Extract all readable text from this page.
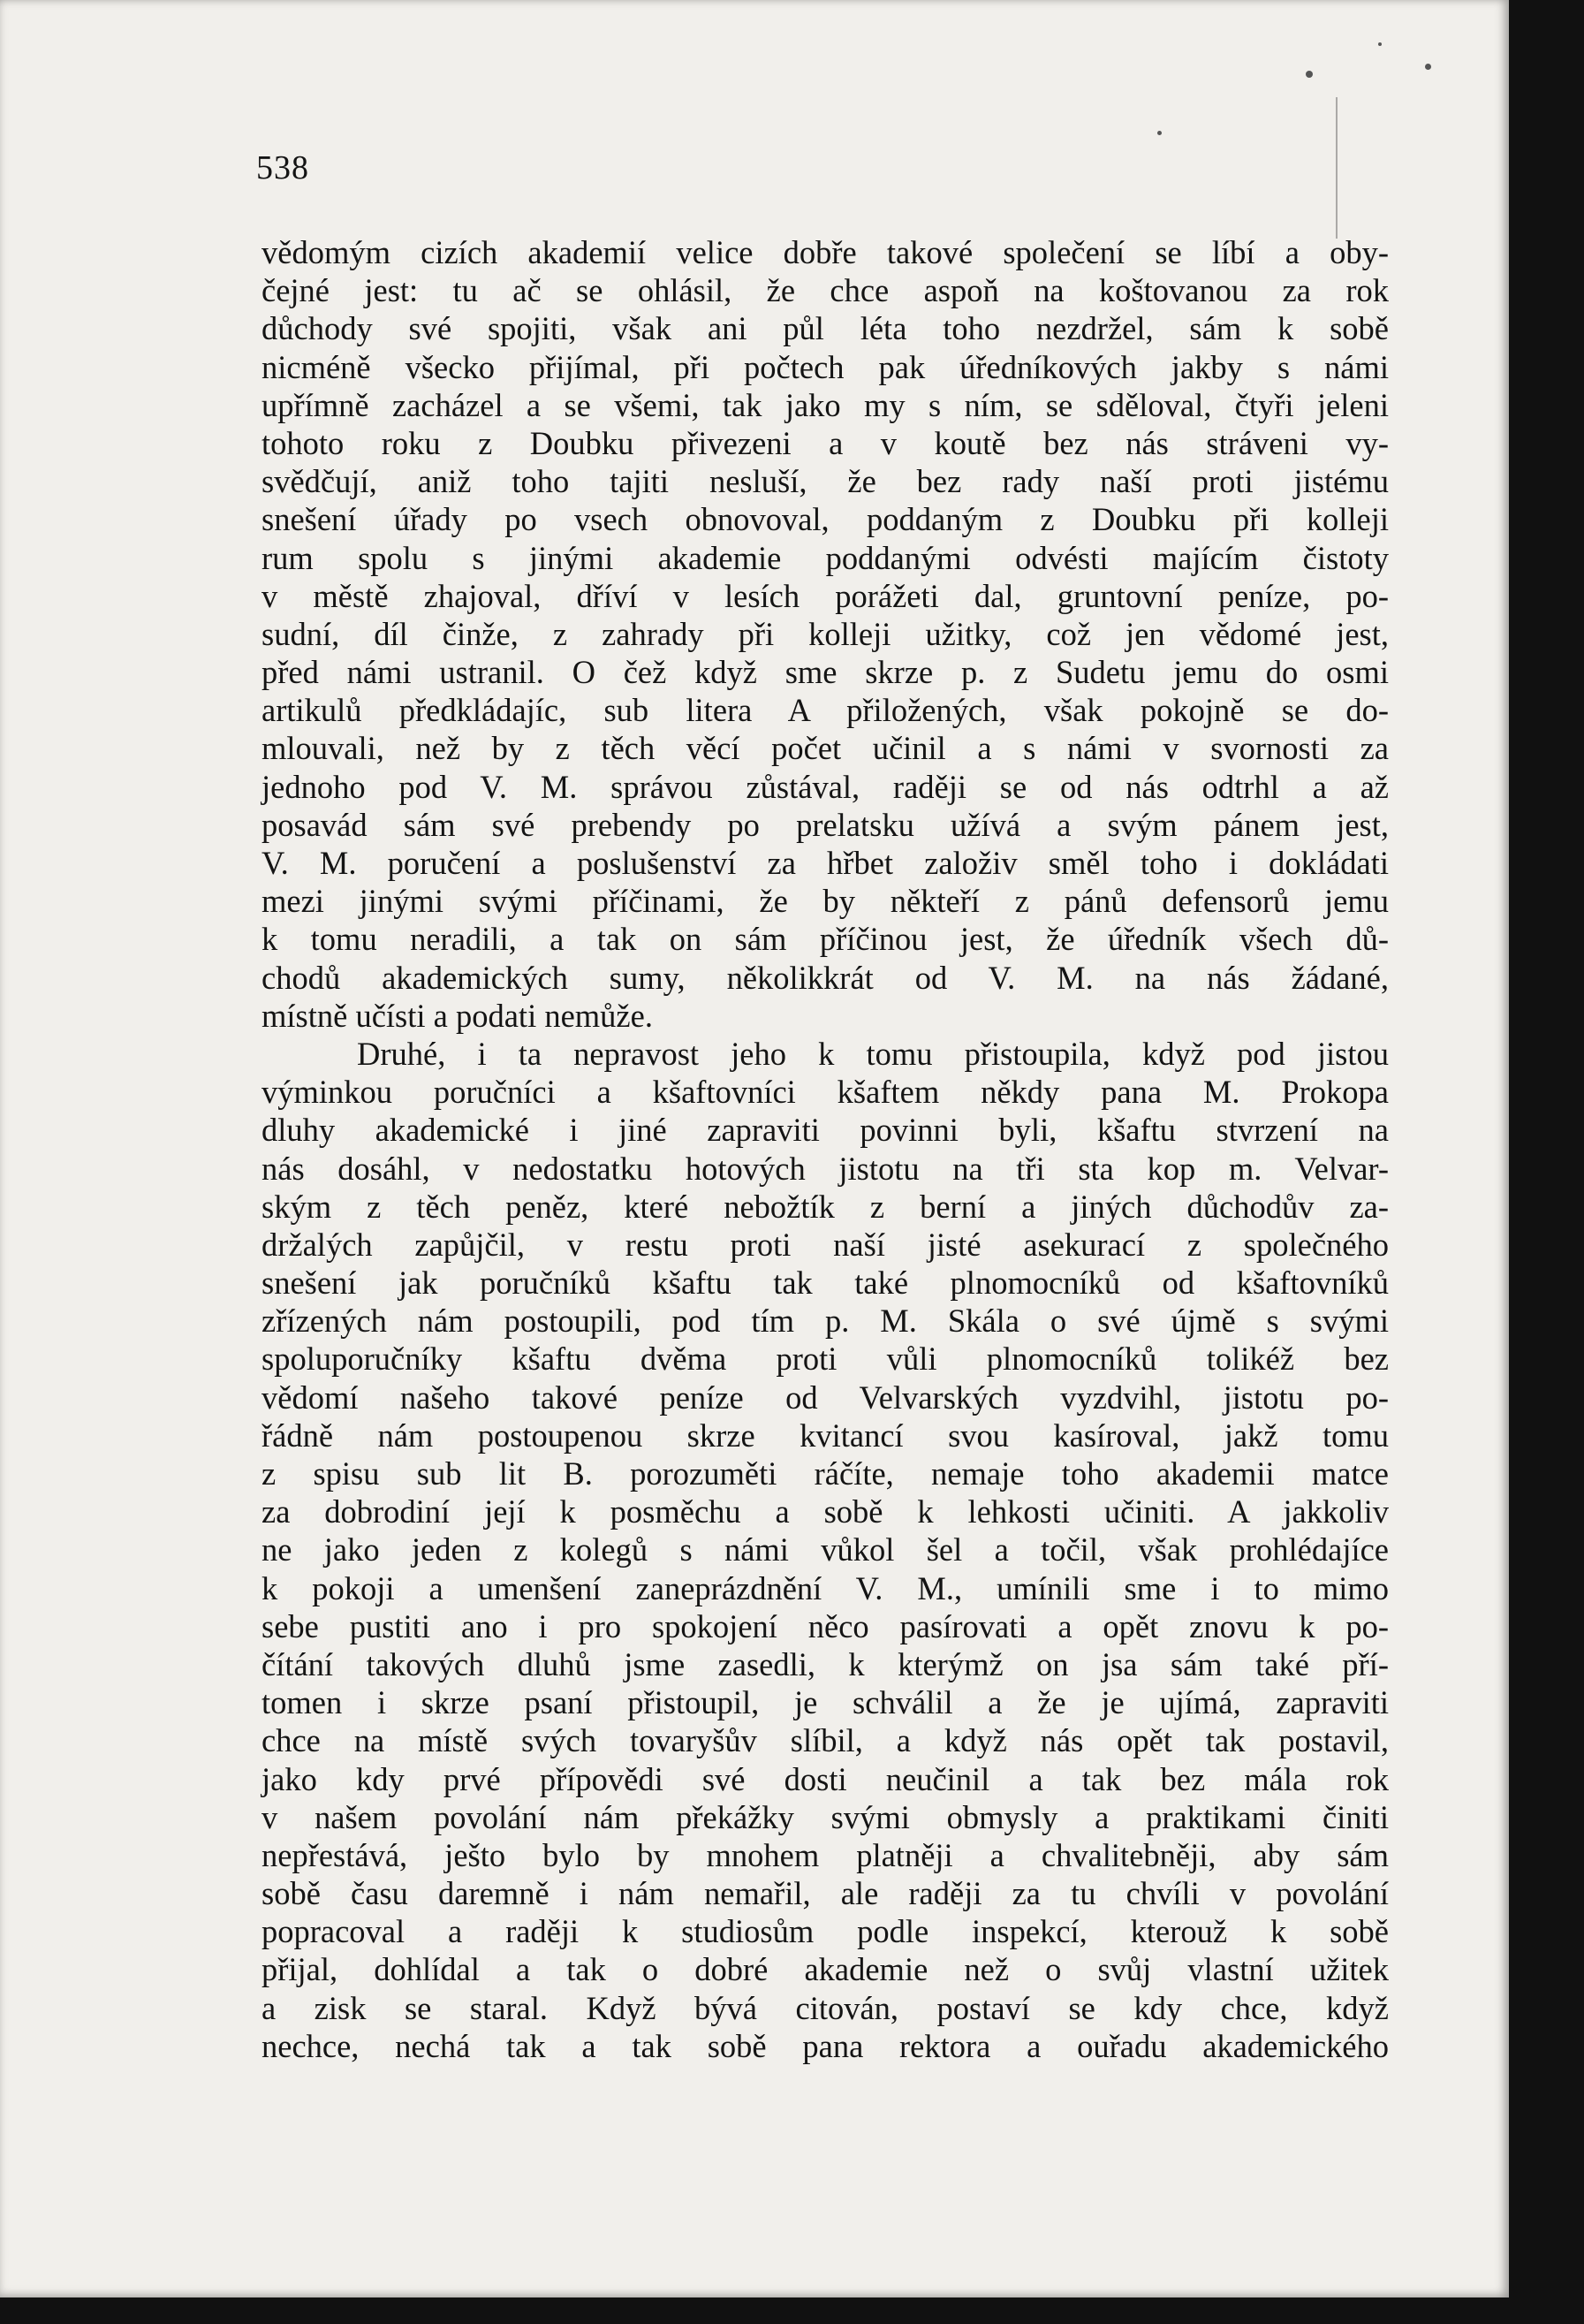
538
vědomým cizích akademií velice dobře takové společení se líbí a oby-
čejné jest: tu ač se ohlásil, že chce aspoň na koštovanou za rok
důchody své spojiti, však ani půl léta toho nezdržel, sám k sobě
nicméně všecko přijímal, při počtech pak úředníkových jakby s námi
upřímně zacházel a se všemi, tak jako my s ním, se sděloval, čtyři jeleni
tohoto roku z Doubku přivezeni a v koutě bez nás stráveni vy-
svědčují, aniž toho tajiti nesluší, že bez rady naší proti jistému
snešení úřady po vsech obnovoval, poddaným z Doubku při kolleji
rum spolu s jinými akademie poddanými odvésti majícím čistoty
v městě zhajoval, dříví v lesích porážeti dal, gruntovní peníze, po-
sudní, díl činže, z zahrady při kolleji užitky, což jen vědomé jest,
před námi ustranil. O čež když sme skrze p. z Sudetu jemu do osmi
artikulů předkládajíc, sub litera A přiložených, však pokojně se do-
mlouvali, než by z těch věcí počet učinil a s námi v svornosti za
jednoho pod V. M. správou zůstával, raději se od nás odtrhl a až
posavád sám své prebendy po prelatsku užívá a svým pánem jest,
V. M. poručení a poslušenství za hřbet založiv směl toho i dokládati
mezi jinými svými příčinami, že by někteří z pánů defensorů jemu
k tomu neradili, a tak on sám příčinou jest, že úředník všech dů-
chodů akademických sumy, několikkrát od V. M. na nás žádané,
místně učísti a podati nemůže.
Druhé, i ta nepravost jeho k tomu přistoupila, když pod jistou
výminkou poručníci a kšaftovníci kšaftem někdy pana M. Prokopa
dluhy akademické i jiné zapraviti povinni byli, kšaftu stvrzení na
nás dosáhl, v nedostatku hotových jistotu na tři sta kop m. Velvar-
ským z těch peněz, které nebožtík z berní a jiných důchodův za-
držalých zapůjčil, v restu proti naší jisté asekurací z společného
snešení jak poručníků kšaftu tak také plnomocníků od kšaftovníků
zřízených nám postoupili, pod tím p. M. Skála o své újmě s svými
spoluporučníky kšaftu dvěma proti vůli plnomocníků tolikéž bez
vědomí našeho takové peníze od Velvarských vyzdvihl, jistotu po-
řádně nám postoupenou skrze kvitancí svou kasíroval, jakž tomu
z spisu sub lit B. porozuměti ráčíte, nemaje toho akademii matce
za dobrodiní její k posměchu a sobě k lehkosti učiniti. A jakkoliv
ne jako jeden z kolegů s námi vůkol šel a točil, však prohlédajíce
k pokoji a umenšení zaneprázdnění V. M., umínili sme i to mimo
sebe pustiti ano i pro spokojení něco pasírovati a opět znovu k po-
čítání takových dluhů jsme zasedli, k kterýmž on jsa sám také pří-
tomen i skrze psaní přistoupil, je schválil a že je ujímá, zapraviti
chce na místě svých tovaryšův slíbil, a když nás opět tak postavil,
jako kdy prvé přípovědi své dosti neučinil a tak bez mála rok
v našem povolání nám překážky svými obmysly a praktikami činiti
nepřestává, ješto bylo by mnohem platněji a chvalitebněji, aby sám
sobě času daremně i nám nemařil, ale raději za tu chvíli v povolání
popracoval a raději k studiosům podle inspekcí, kterouž k sobě
přijal, dohlídal a tak o dobré akademie než o svůj vlastní užitek
a zisk se staral. Když bývá citován, postaví se kdy chce, když
nechce, nechá tak a tak sobě pana rektora a ouřadu akademického
